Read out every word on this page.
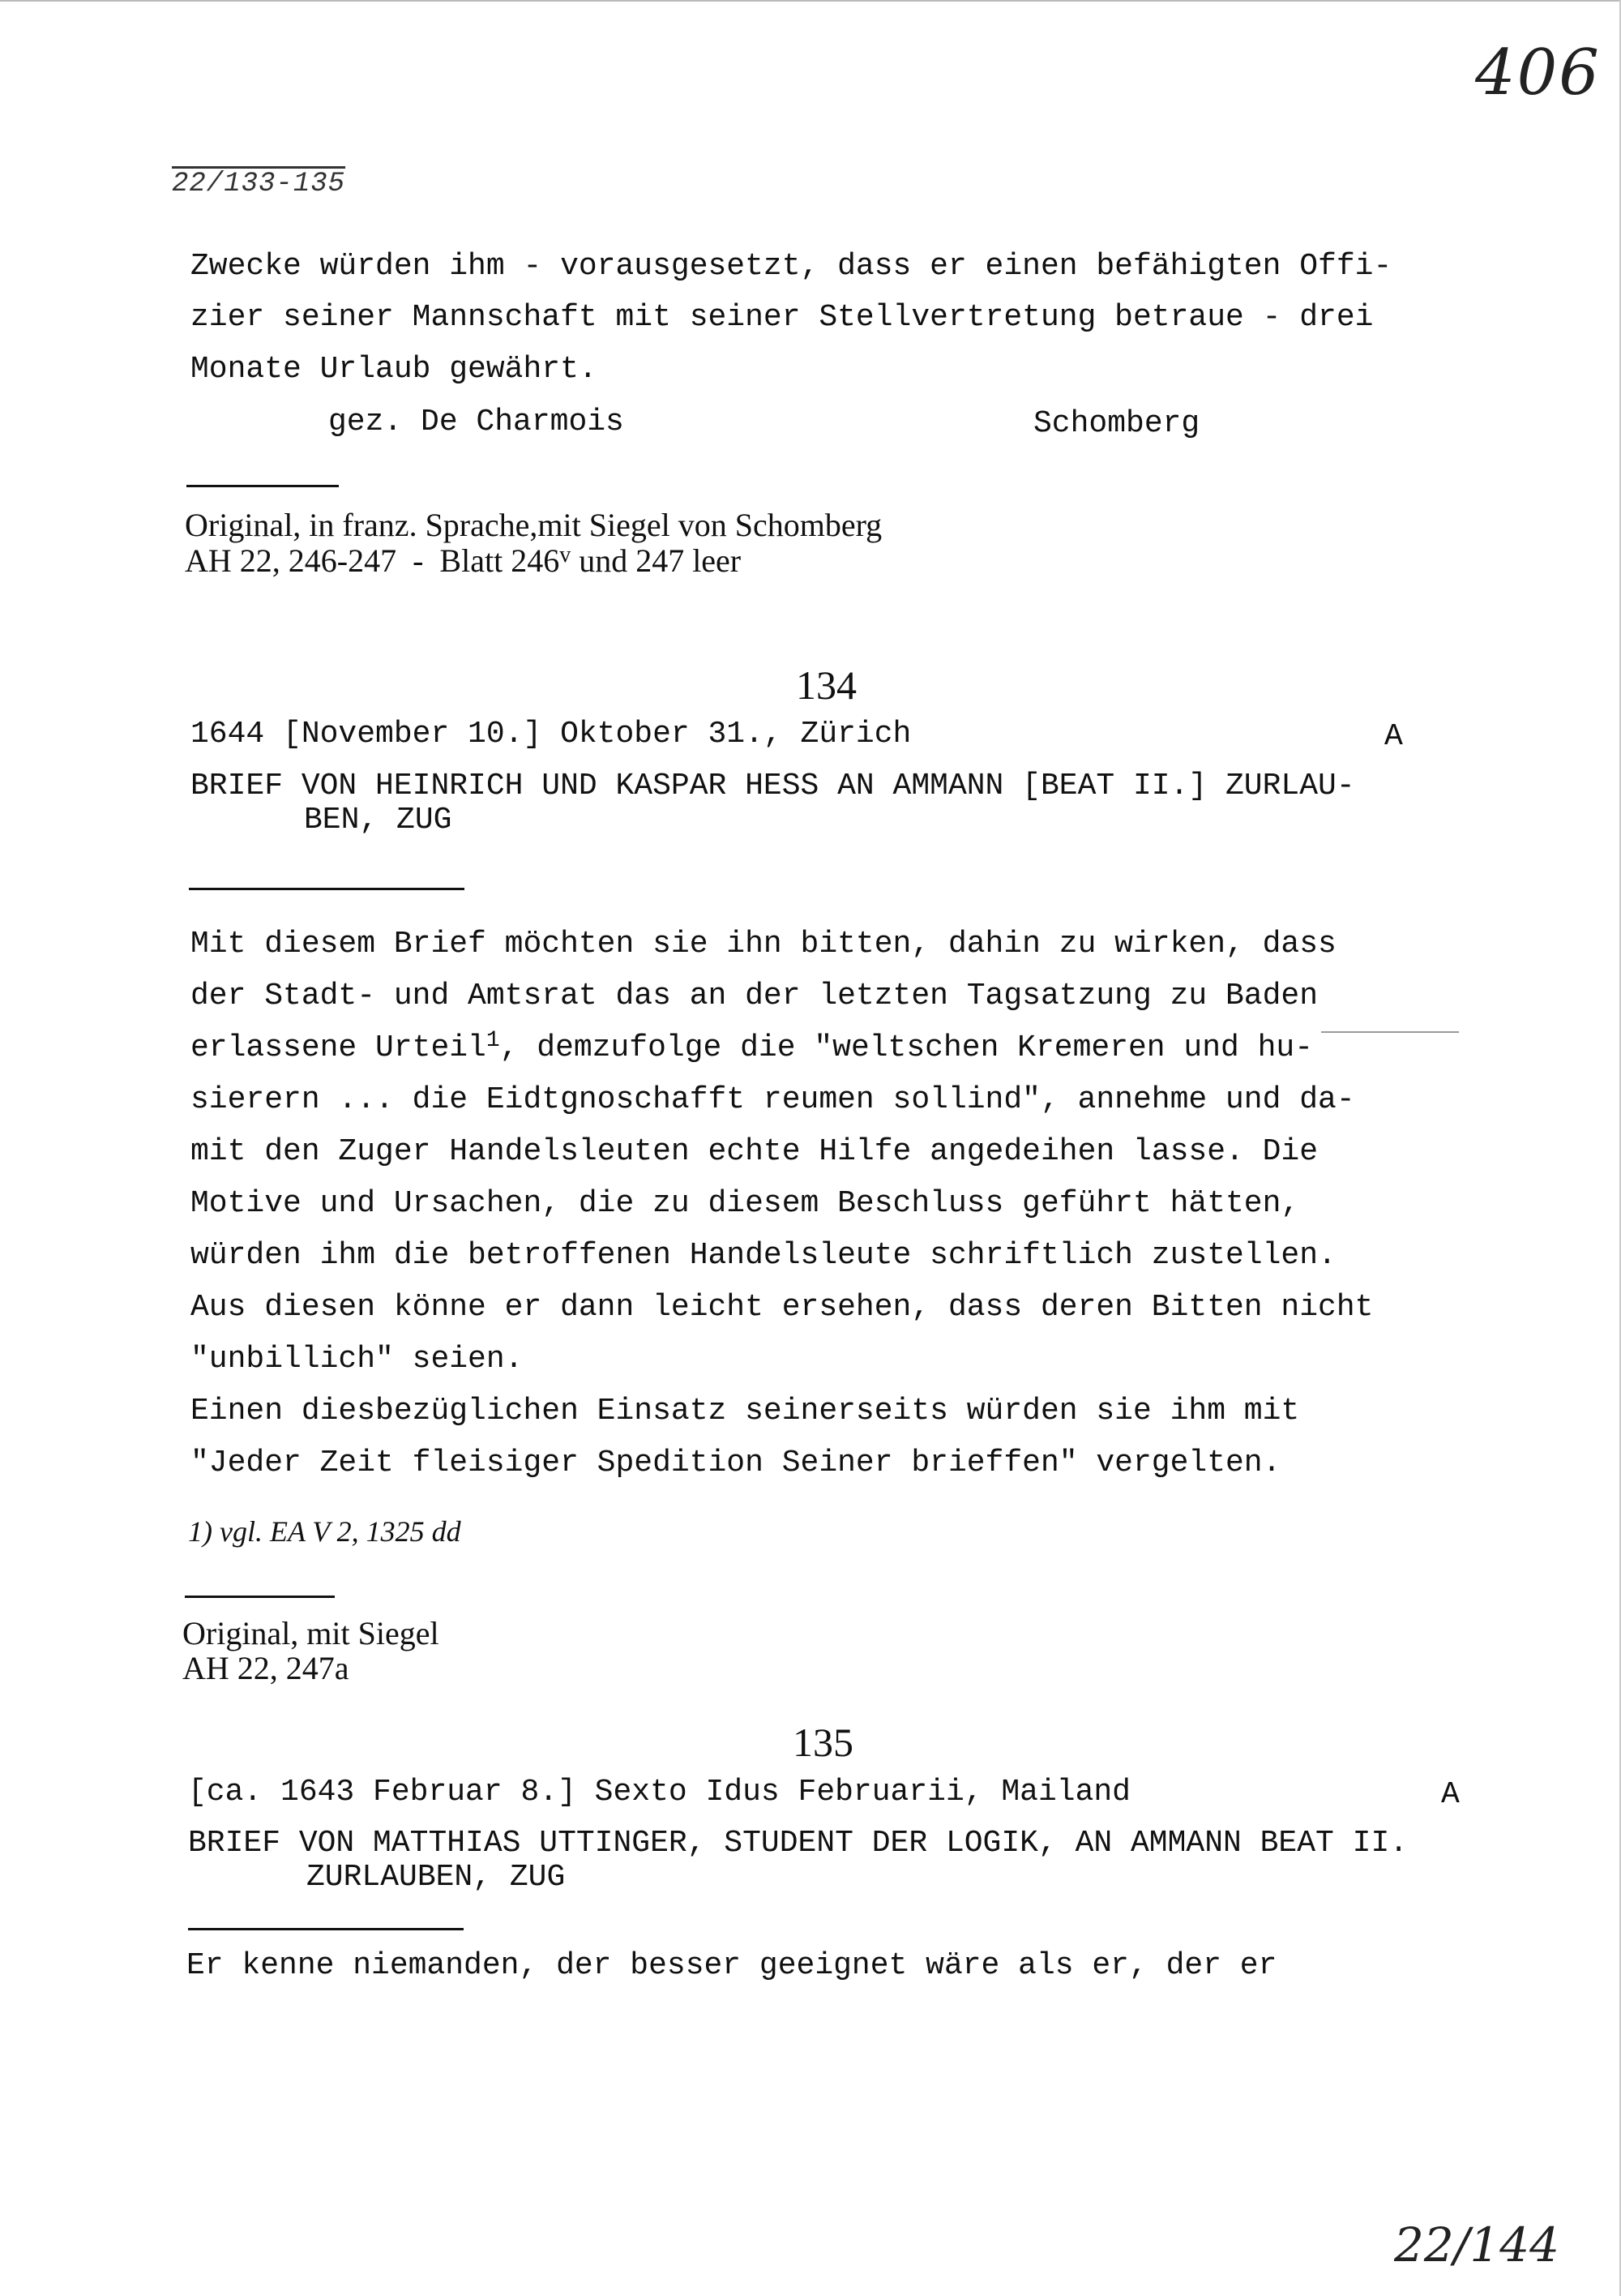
406
22/133-135
Zwecke würden ihm - vorausgesetzt, dass er einen befähigten Offi-
zier seiner Mannschaft mit seiner Stellvertretung betraue - drei
Monate Urlaub gewährt.
gez. De Charmois	Schomberg
Original, in franz. Sprache,mit Siegel von Schomberg
AH 22, 246-247  -  Blatt 246$^v$ und 247 leer
134
1644 [November 10.] Oktober 31., Zürich	A
BRIEF VON HEINRICH UND KASPAR HESS AN AMMANN [BEAT II.] ZURLAU-
BEN, ZUG
Mit diesem Brief möchten sie ihn bitten, dahin zu wirken, dass
der Stadt- und Amtsrat das an der letzten Tagsatzung zu Baden
erlassene Urteil$^1$, demzufolge die "weltschen Kremeren und hu-
sierern ... die Eidtgnoschafft reumen sollind", annehme und da-
mit den Zuger Handelsleuten echte Hilfe angedeihen lasse. Die
Motive und Ursachen, die zu diesem Beschluss geführt hätten,
würden ihm die betroffenen Handelsleute schriftlich zustellen.
Aus diesen könne er dann leicht ersehen, dass deren Bitten nicht
"unbillich" seien.
Einen diesbezüglichen Einsatz seinerseits würden sie ihm mit
"Jeder Zeit fleisiger Spedition Seiner brieffen" vergelten.
1) vgl. EA V 2, 1325 dd
Original, mit Siegel
AH 22, 247a
135
[ca. 1643 Februar 8.] Sexto Idus Februarii, Mailand	A
BRIEF VON MATTHIAS UTTINGER, STUDENT DER LOGIK, AN AMMANN BEAT II.
ZURLAUBEN, ZUG
Er kenne niemanden, der besser geeignet wäre als er, der er
22/144
